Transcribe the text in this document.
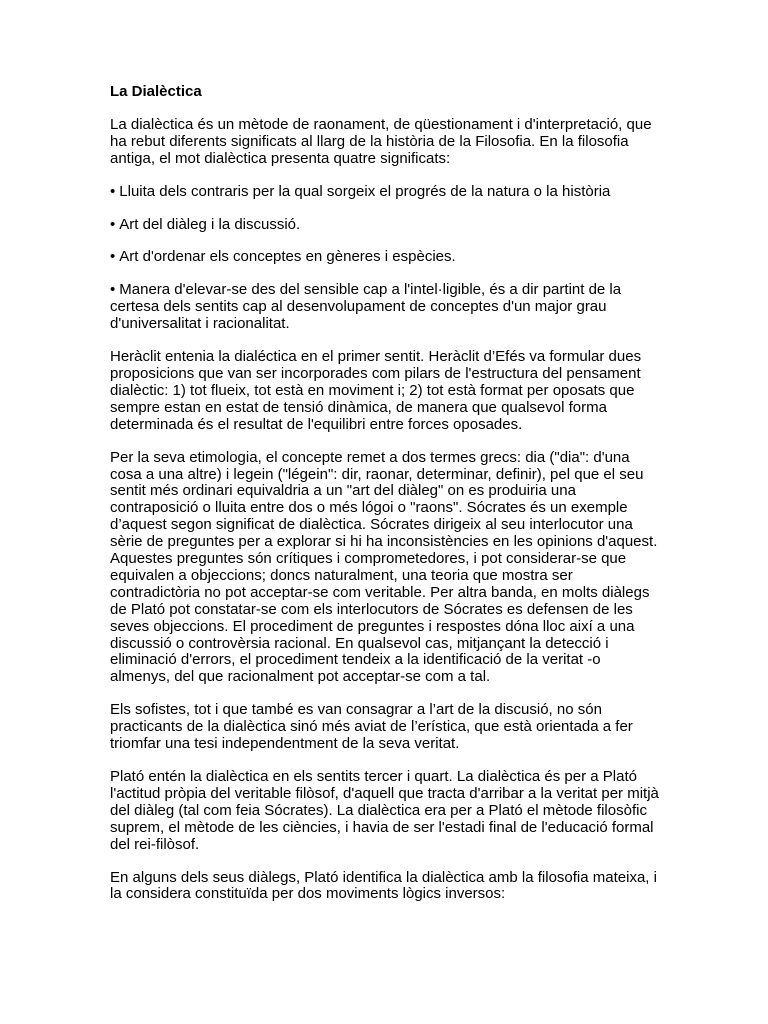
La Dialèctica

La dialèctica és un mètode de raonament, de qüestionament i d'interpretació, que ha rebut diferents significats al llarg de la història de la Filosofia. En la filosofia antiga, el mot dialèctica presenta quatre significats:

• Lluita dels contraris per la qual sorgeix el progrés de la natura o la història

• Art del diàleg i la discussió.

• Art d'ordenar els conceptes en gèneres i espècies.

• Manera d'elevar-se des del sensible cap a l'intel·ligible, és a dir partint de la certesa dels sentits cap al desenvolupament de conceptes d'un major grau d'universalitat i racionalitat.

Heràclit entenia la dialéctica en el primer sentit. Heràclit d’Efés va formular dues proposicions que van ser incorporades com pilars de l'estructura del pensament dialèctic: 1) tot flueix, tot està en moviment i; 2) tot està format per oposats que sempre estan en estat de tensió dinàmica, de manera que qualsevol forma determinada és el resultat de l'equilibri entre forces oposades.

Per la seva etimologia, el concepte remet a dos termes grecs: dia ("dia": d'una cosa a una altre) i legein ("légein": dir, raonar, determinar, definir), pel que el seu sentit més ordinari equivaldria a un "art del diàleg" on es produiria una contraposició o lluita entre dos o més lógoi o "raons". Sócrates és un exemple d’aquest segon significat de dialèctica. Sócrates dirigeix al seu interlocutor una sèrie de preguntes per a explorar si hi ha inconsistències en les opinions d'aquest. Aquestes preguntes són crítiques i comprometedores, i pot considerar-se que equivalen a objeccions; doncs naturalment, una teoria que mostra ser contradictòria no pot acceptar-se com veritable. Per altra banda, en molts diàlegs de Plató pot constatar-se com els interlocutors de Sócrates es defensen de les seves objeccions. El procediment de preguntes i respostes dóna lloc així a una discussió o controvèrsia racional. En qualsevol cas, mitjançant la detecció i eliminació d'errors, el procediment tendeix a la identificació de la veritat -o almenys, del que racionalment pot acceptar-se com a tal.

Els sofistes, tot i que també es van consagrar a l’art de la discusió, no són practicants de la dialèctica sinó més aviat de l’erística, que està orientada a fer triomfar una tesi independentment de la seva veritat.

Plató entén la dialèctica en els sentits tercer i quart. La dialèctica és per a Plató l'actitud pròpia del veritable filòsof, d'aquell que tracta d'arribar a la veritat per mitjà del diàleg (tal com feia Sócrates). La dialèctica era per a Plató el mètode filosòfic suprem, el mètode de les ciències, i havia de ser l'estadi final de l'educació formal del rei-filòsof.

En alguns dels seus diàlegs, Plató identifica la dialèctica amb la filosofia mateixa, i la considera constituïda per dos moviments lògics inversos:
